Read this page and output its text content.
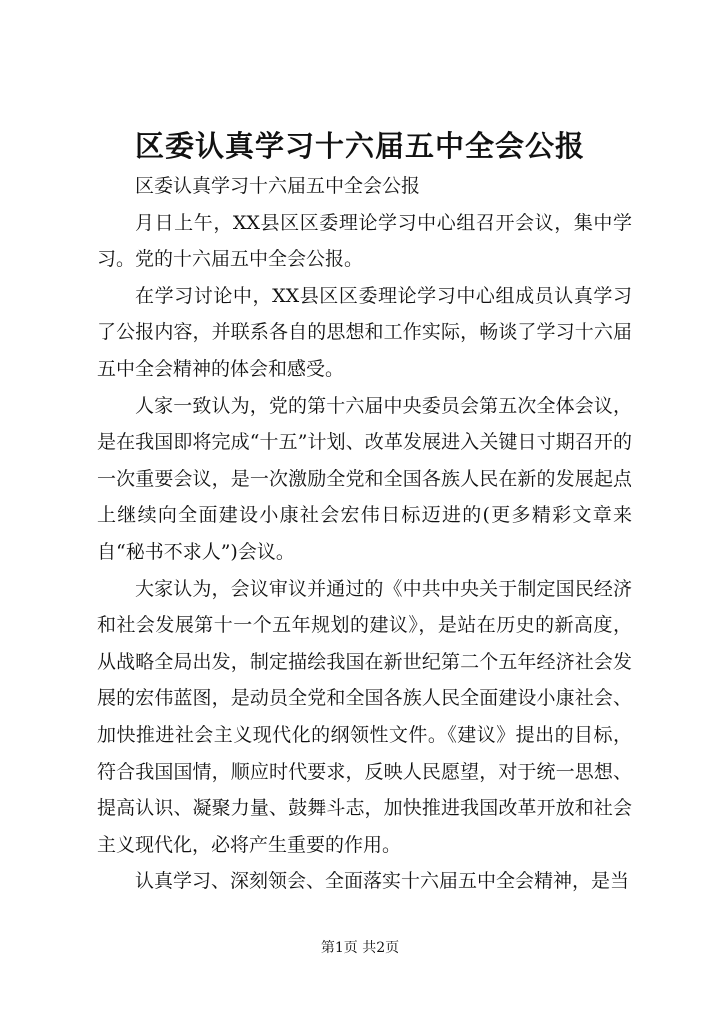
区委认真学习十六届五中全会公报

区委认真学习十六届五中全会公报

月日上午，XX县区区委理论学习中心组召开会议，集中学习。党的十六届五中全会公报。

在学习讨论中，XX县区区委理论学习中心组成员认真学习了公报内容，并联系各自的思想和工作实际，畅谈了学习十六届五中全会精神的体会和感受。

人家一致认为，党的第十六届中央委员会第五次全体会议，是在我国即将完成“十五”计划、改革发展进入关键日寸期召开的一次重要会议，是一次激励全党和全国各族人民在新的发展起点上继续向全面建设小康社会宏伟日标迈进的(更多精彩文章来自“秘书不求人”)会议。

大家认为，会议审议并通过的《中共中央关于制定国民经济和社会发展第十一个五年规划的建议》，是站在历史的新高度，从战略全局出发，制定描绘我国在新世纪第二个五年经济社会发展的宏伟蓝图，是动员全党和全国各族人民全面建设小康社会、加快推进社会主义现代化的纲领性文件。《建议》提出的目标，符合我国国情，顺应时代要求，反映人民愿望，对于统一思想、提高认识、凝聚力量、鼓舞斗志，加快推进我国改革开放和社会主义现代化，必将产生重要的作用。

认真学习、深刻领会、全面落实十六届五中全会精神，是当

第1页 共2页
